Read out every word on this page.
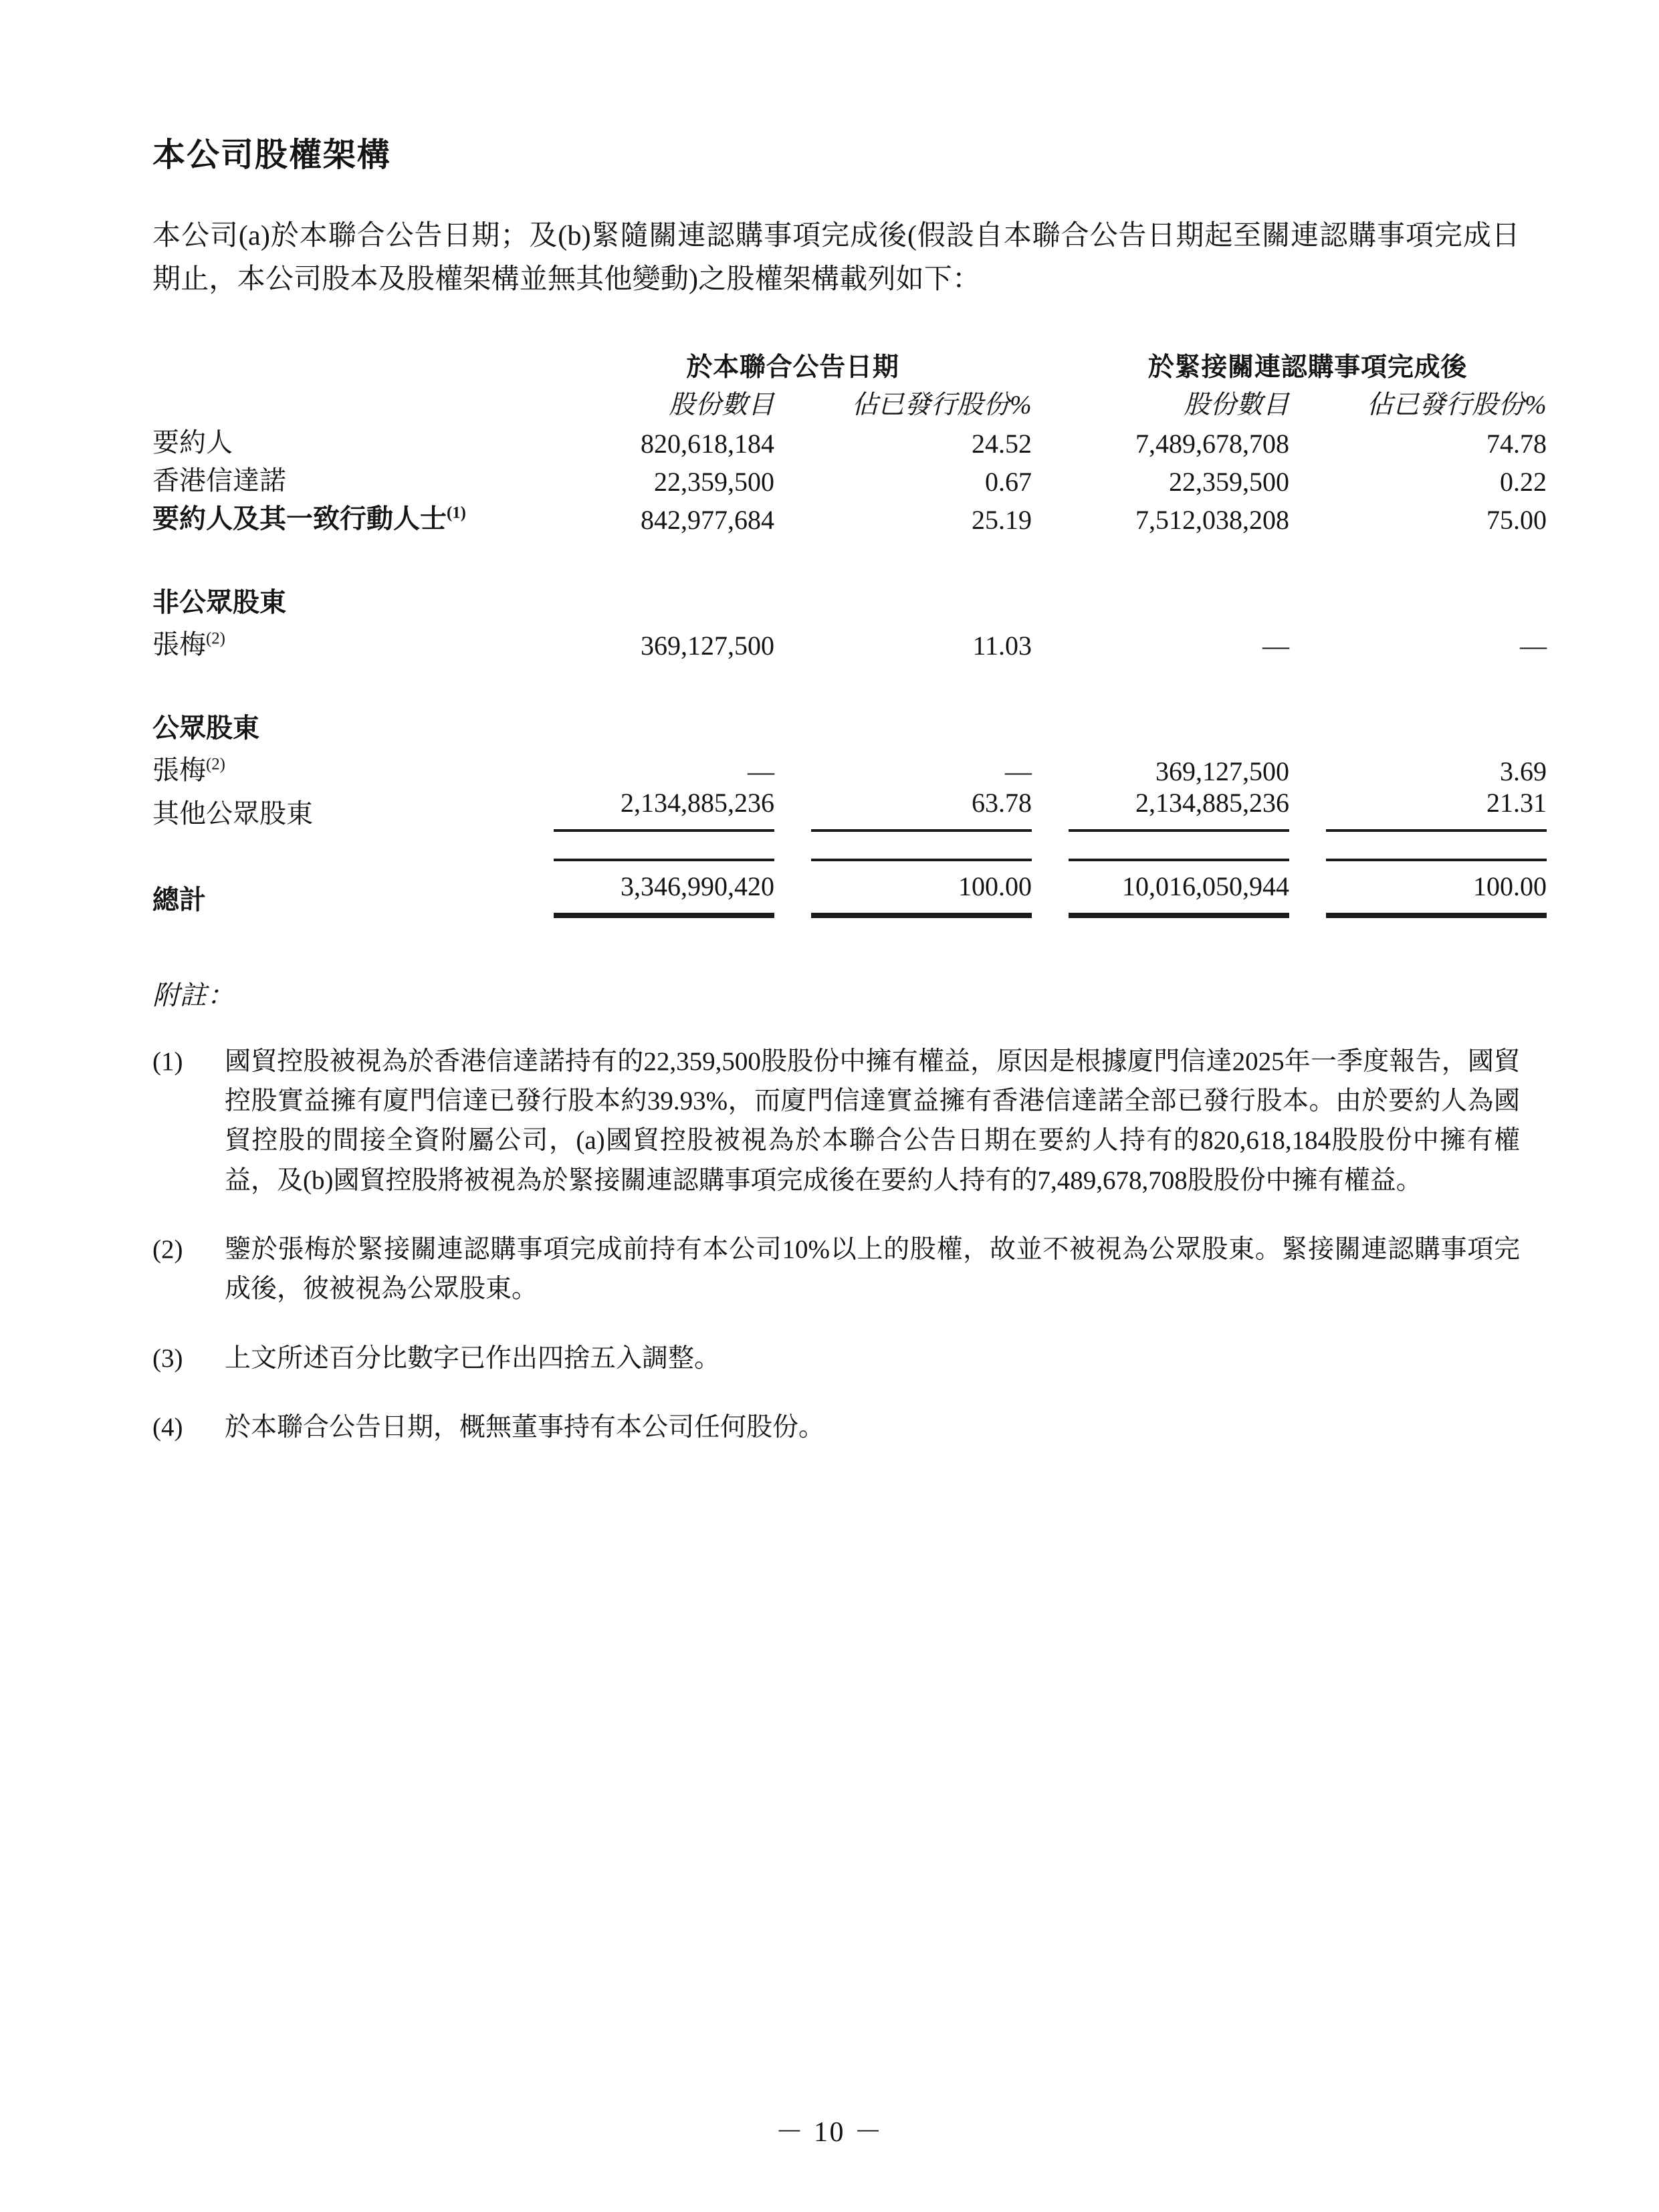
本公司股權架構

本公司(a)於本聯合公告日期；及(b)緊隨關連認購事項完成後(假設自本聯合公告日期起至關連認購事項完成日期止，本公司股本及股權架構並無其他變動)之股權架構載列如下：

	於本聯合公告日期				於緊接關連認購事項完成後		
	股份數目		佔已發行股份%		股份數目		佔已發行股份%
要約人	820,618,184		24.52		7,489,678,708		74.78
香港信達諾	22,359,500		0.67		22,359,500		0.22
要約人及其一致行動人士$^{(1)}$	842,977,684		25.19		7,512,038,208		75.00

非公眾股東							
張梅$^{(2)}$	369,127,500		11.03		—		—

公眾股東							
張梅$^{(2)}$	—		—		369,127,500		3.69
其他公眾股東	2,134,885,236		63.78		2,134,885,236		21.31

總計	3,346,990,420		100.00		10,016,050,944		100.00
附註：
(1)	國貿控股被視為於香港信達諾持有的22,359,500股股份中擁有權益，原因是根據廈門信達2025年一季度報告，國貿控股實益擁有廈門信達已發行股本約39.93%，而廈門信達實益擁有香港信達諾全部已發行股本。由於要約人為國貿控股的間接全資附屬公司，(a)國貿控股被視為於本聯合公告日期在要約人持有的820,618,184股股份中擁有權益，及(b)國貿控股將被視為於緊接關連認購事項完成後在要約人持有的7,489,678,708股股份中擁有權益。
(2)	鑒於張梅於緊接關連認購事項完成前持有本公司10%以上的股權，故並不被視為公眾股東。緊接關連認購事項完成後，彼被視為公眾股東。
(3)	上文所述百分比數字已作出四捨五入調整。
(4)	於本聯合公告日期，概無董事持有本公司任何股份。
－ 10 －
